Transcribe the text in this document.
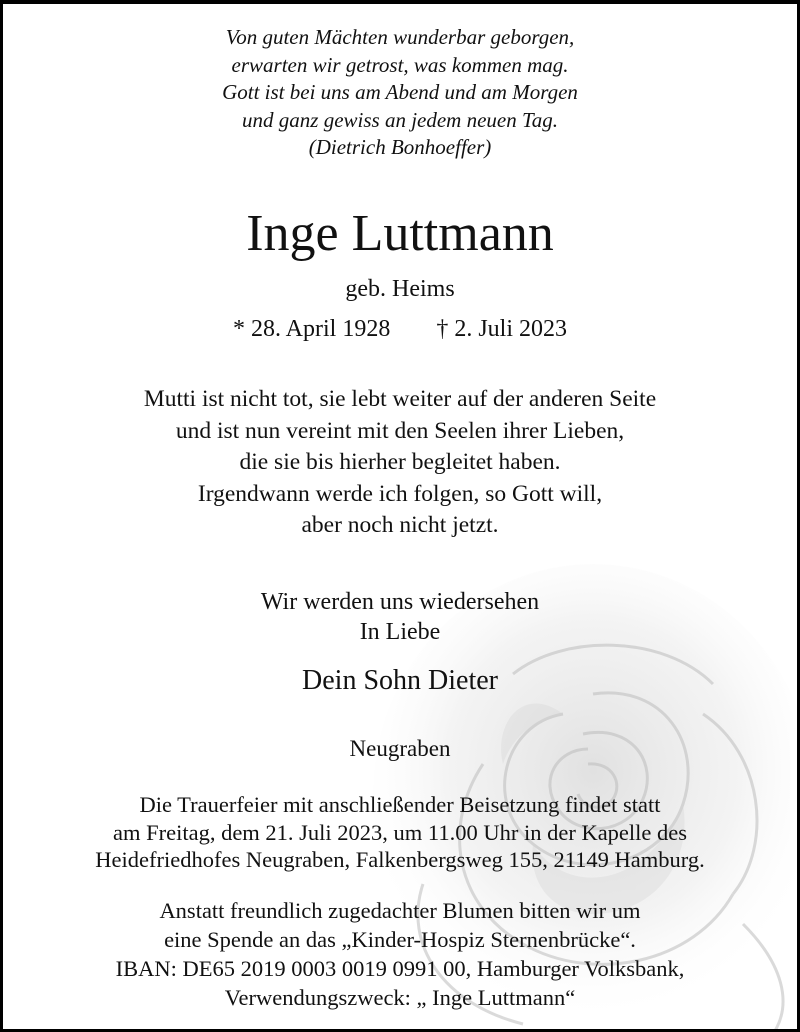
Von guten Mächten wunderbar geborgen,
erwarten wir getrost, was kommen mag.
Gott ist bei uns am Abend und am Morgen
und ganz gewiss an jedem neuen Tag.
(Dietrich Bonhoeffer)
Inge Luttmann
geb. Heims
* 28. April 1928 † 2. Juli 2023
Mutti ist nicht tot, sie lebt weiter auf der anderen Seite
und ist nun vereint mit den Seelen ihrer Lieben,
die sie bis hierher begleitet haben.
Irgendwann werde ich folgen, so Gott will,
aber noch nicht jetzt.
Wir werden uns wiedersehen
In Liebe
Dein Sohn Dieter
Neugraben
Die Trauerfeier mit anschließender Beisetzung findet statt
am Freitag, dem 21. Juli 2023, um 11.00 Uhr in der Kapelle des
Heidefriedhofes Neugraben, Falkenbergsweg 155, 21149 Hamburg.
Anstatt freundlich zugedachter Blumen bitten wir um
eine Spende an das „Kinder-Hospiz Sternenbrücke“.
IBAN: DE65 2019 0003 0019 0991 00, Hamburger Volksbank,
Verwendungszweck: „ Inge Luttmann“
